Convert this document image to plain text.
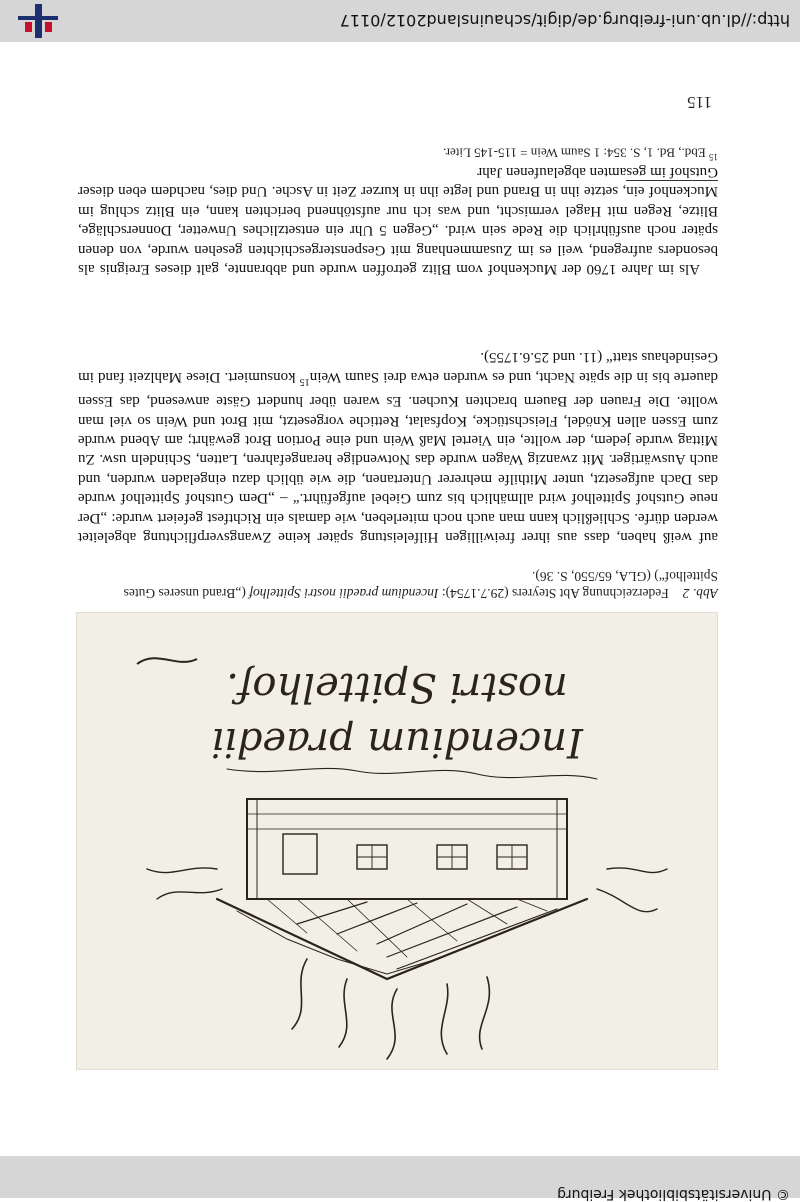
© Universitätsbibliothek Freiburg
115
Incendium praedii
nostri Spittelhof.
Abb. 2Federzeichnung Abt Steyrers (29.7.1754): Incendium praedii nostri Spittelhof („Brand unseres Gutes Spittelhof“) (GLA, 65/550, S. 36).
auf weiß haben, dass aus ihrer freiwilligen Hilfeleistung später keine Zwangsverpflichtung abgeleitet werden dürfe. Schließlich kann man auch noch miterleben, wie damals ein Richtfest gefeiert wurde: „Der neue Gutshof Spittelhof wird allmählich bis zum Giebel aufgeführt.“ – „Dem Gutshof Spittelhof wurde das Dach aufgesetzt, unter Mithilfe mehrerer Untertanen, die wie üblich dazu eingeladen wurden, und auch Auswärtiger. Mit zwanzig Wagen wurde das Notwendige herangefahren, Latten, Schindeln usw. Zu Mittag wurde jedem, der wollte, ein Viertel Maß Wein und eine Portion Brot gewährt; am Abend wurde zum Essen allen Knödel, Fleischstücke, Kopfsalat, Rettiche vorgesetzt, mit Brot und Wein so viel man wollte. Die Frauen der Bauern brachten Kuchen. Es waren über hundert Gäste anwesend, das Essen dauerte bis in die späte Nacht, und es wurden etwa drei Saum Wein$^{15}$ konsumiert. Diese Mahlzeit fand im Gesindehaus statt“ (11. und 25.6.1755).
Als im Jahre 1760 der Muckenhof vom Blitz getroffen wurde und abbrannte, galt dieses Ereignis als besonders aufregend, weil es im Zusammenhang mit Gespenstergeschichten gesehen wurde, von denen später noch ausführlich die Rede sein wird. „Gegen 5 Uhr ein entsetzliches Unwetter, Donnerschläge, Blitze, Regen mit Hagel vermischt, und was ich nur aufstöhnend berichten kann, ein Blitz schlug im Muckenhof ein, setzte ihn in Brand und legte ihn in kurzer Zeit in Asche. Und dies, nachdem eben dieser Gutshof im gesamten abgelaufenen Jahr
$^{15}$ Ebd., Bd. 1, S. 354: 1 Saum Wein = 115-145 Liter.
http://dl.ub.uni-freiburg.de/digit/schauinsland2012/0117
